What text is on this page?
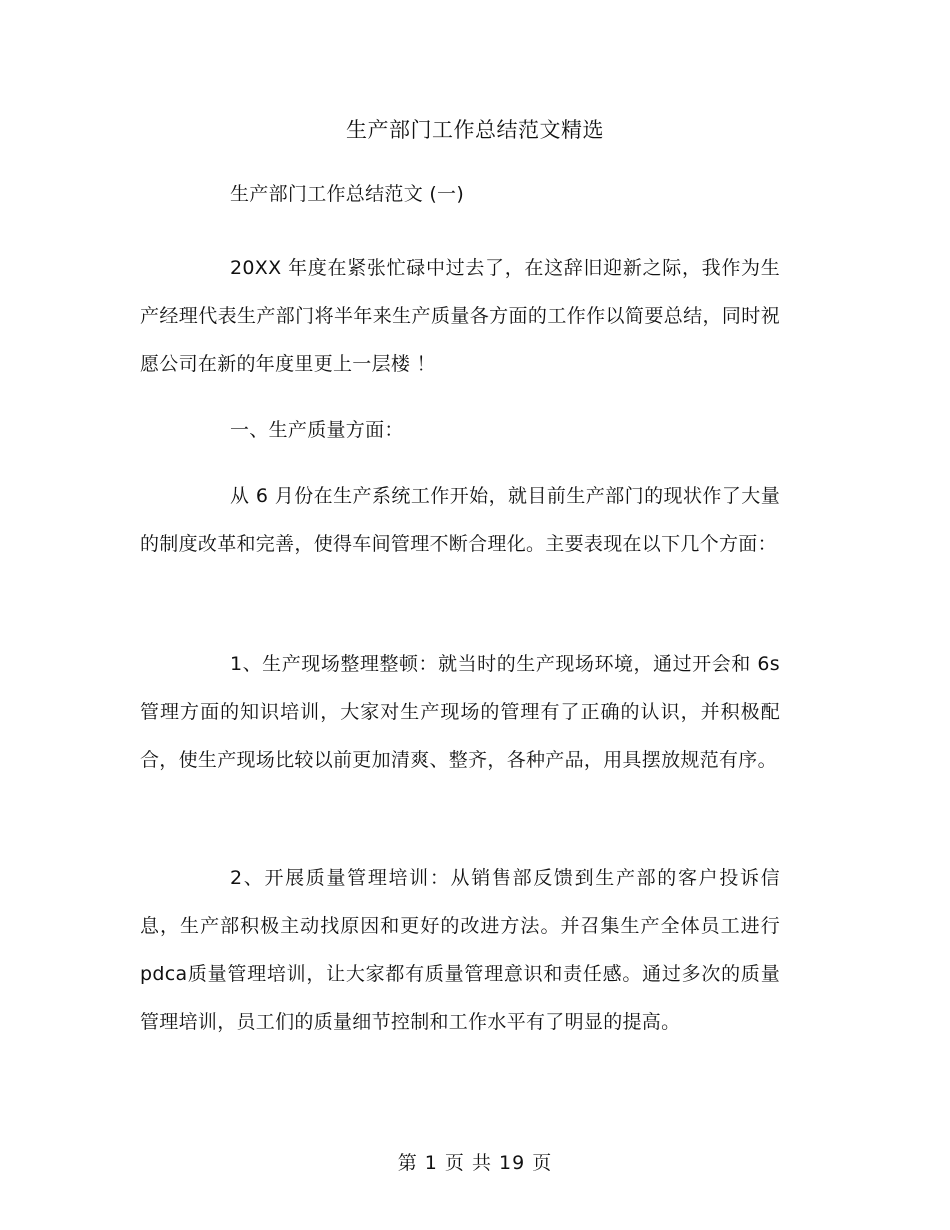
生产部门工作总结范文精选

生产部门工作总结范文 (一)

20XX 年度在紧张忙碌中过去了，在这辞旧迎新之际，我作为生产经理代表生产部门将半年来生产质量各方面的工作作以简要总结，同时祝愿公司在新的年度里更上一层楼 ！

一、生产质量方面：

从 6 月份在生产系统工作开始，就目前生产部门的现状作了大量的制度改革和完善，使得车间管理不断合理化。主要表现在以下几个方面：

1、生产现场整理整顿：就当时的生产现场环境，通过开会和 6s管理方面的知识培训，大家对生产现场的管理有了正确的认识，并积极配合，使生产现场比较以前更加清爽、整齐，各种产品，用具摆放规范有序。

2、开展质量管理培训：从销售部反馈到生产部的客户投诉信息，生产部积极主动找原因和更好的改进方法。并召集生产全体员工进行 pdca质量管理培训，让大家都有质量管理意识和责任感。通过多次的质量管理培训，员工们的质量细节控制和工作水平有了明显的提高。

第 1 页 共 19 页
